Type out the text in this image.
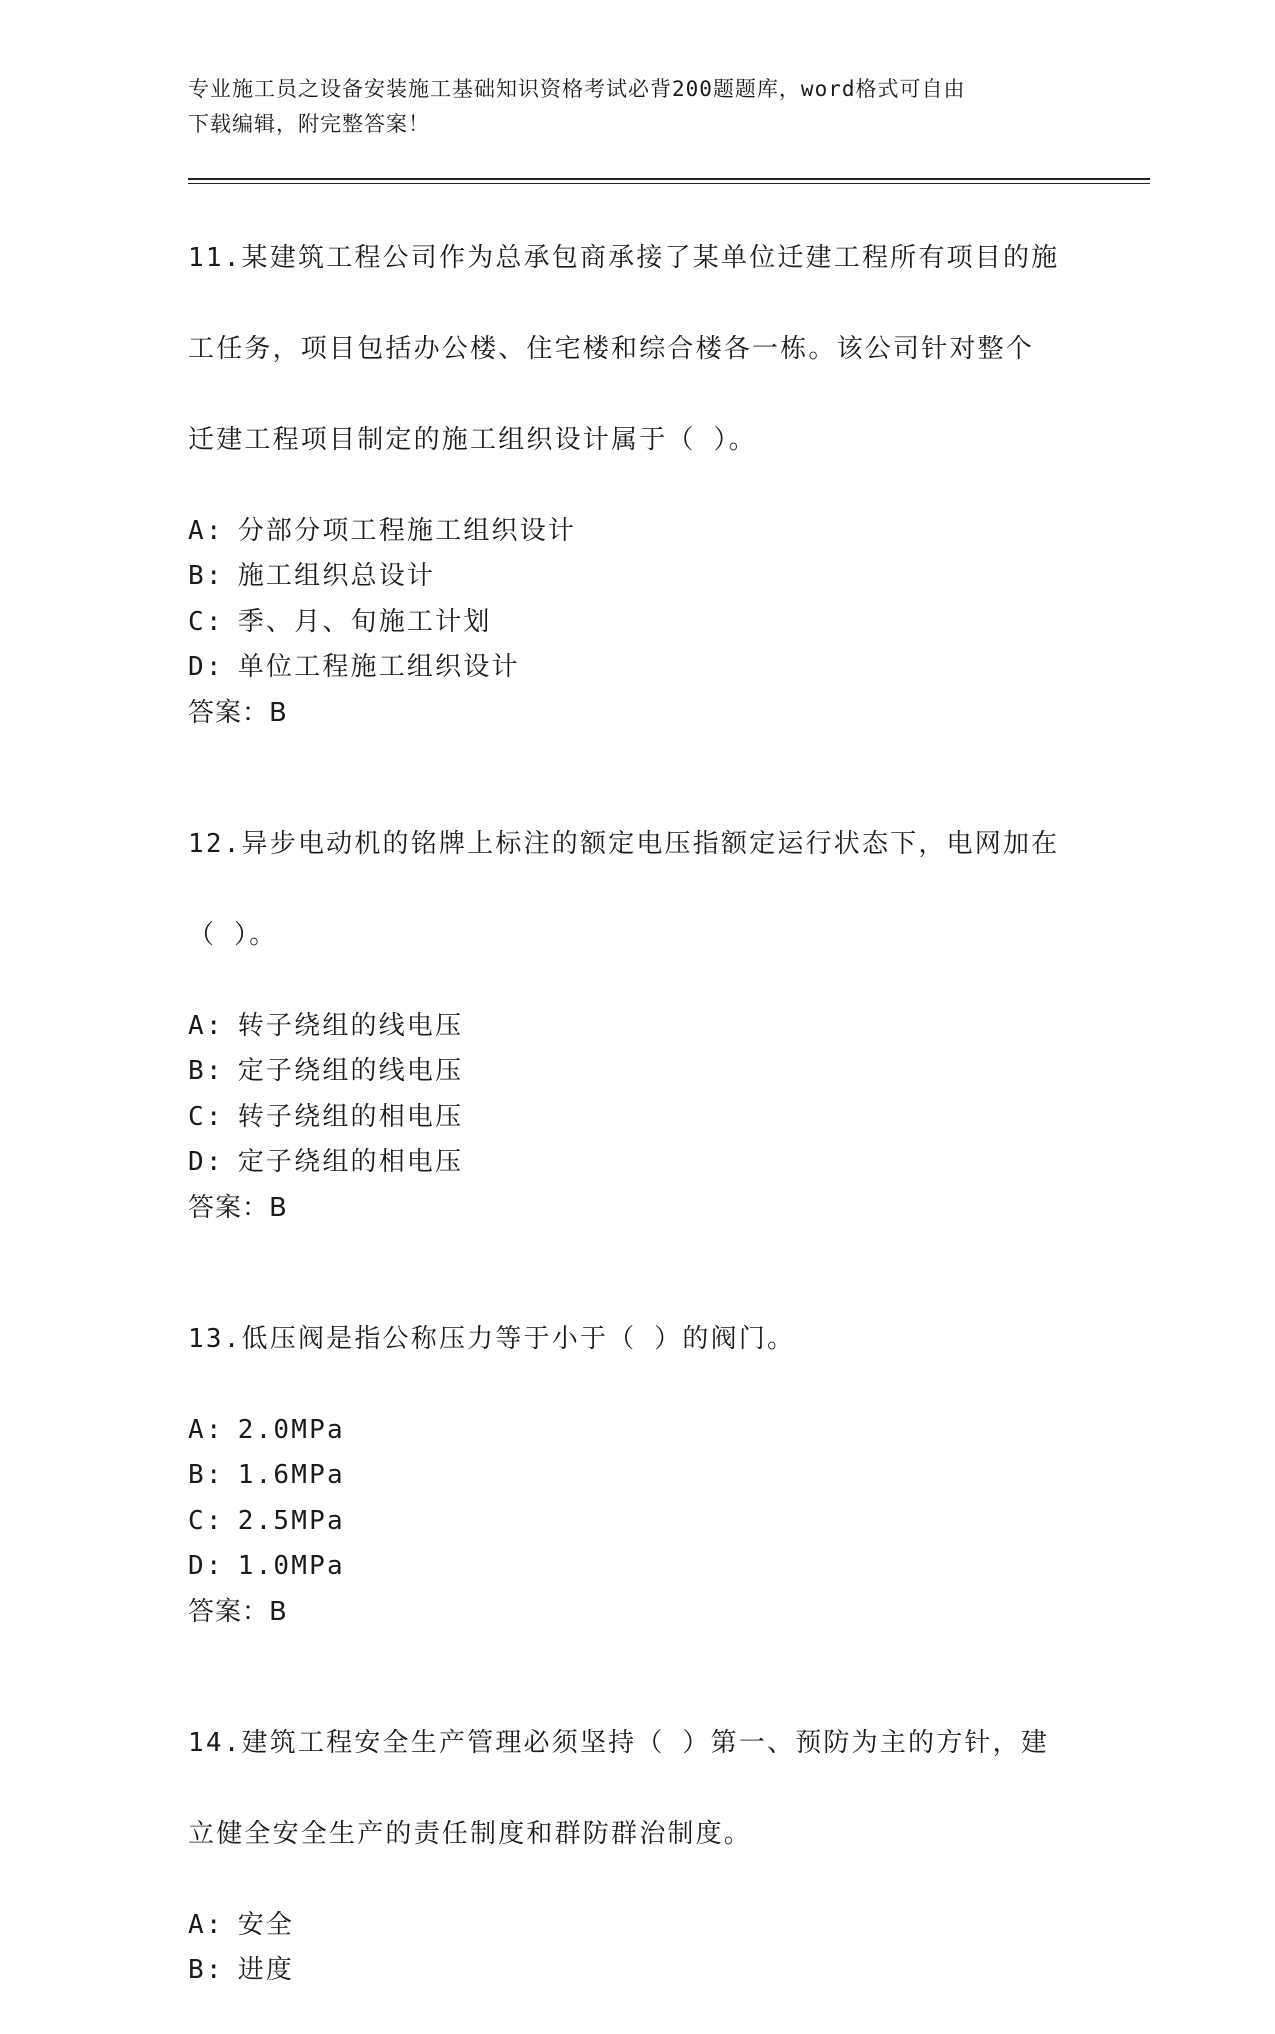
专业施工员之设备安装施工基础知识资格考试必背200题题库，word格式可自由
下载编辑，附完整答案！

11.某建筑工程公司作为总承包商承接了某单位迁建工程所有项目的施

工任务，项目包括办公楼、住宅楼和综合楼各一栋。该公司针对整个

迁建工程项目制定的施工组织设计属于（ ）。

A: 分部分项工程施工组织设计
B: 施工组织总设计
C: 季、月、旬施工计划
D: 单位工程施工组织设计
答案：B

12.异步电动机的铭牌上标注的额定电压指额定运行状态下，电网加在

（ ）。

A: 转子绕组的线电压
B: 定子绕组的线电压
C: 转子绕组的相电压
D: 定子绕组的相电压
答案：B

13.低压阀是指公称压力等于小于（ ）的阀门。

A: 2.0MPa
B: 1.6MPa
C: 2.5MPa
D: 1.0MPa
答案：B

14.建筑工程安全生产管理必须坚持（ ）第一、预防为主的方针，建

立健全安全生产的责任制度和群防群治制度。

A: 安全
B: 进度
